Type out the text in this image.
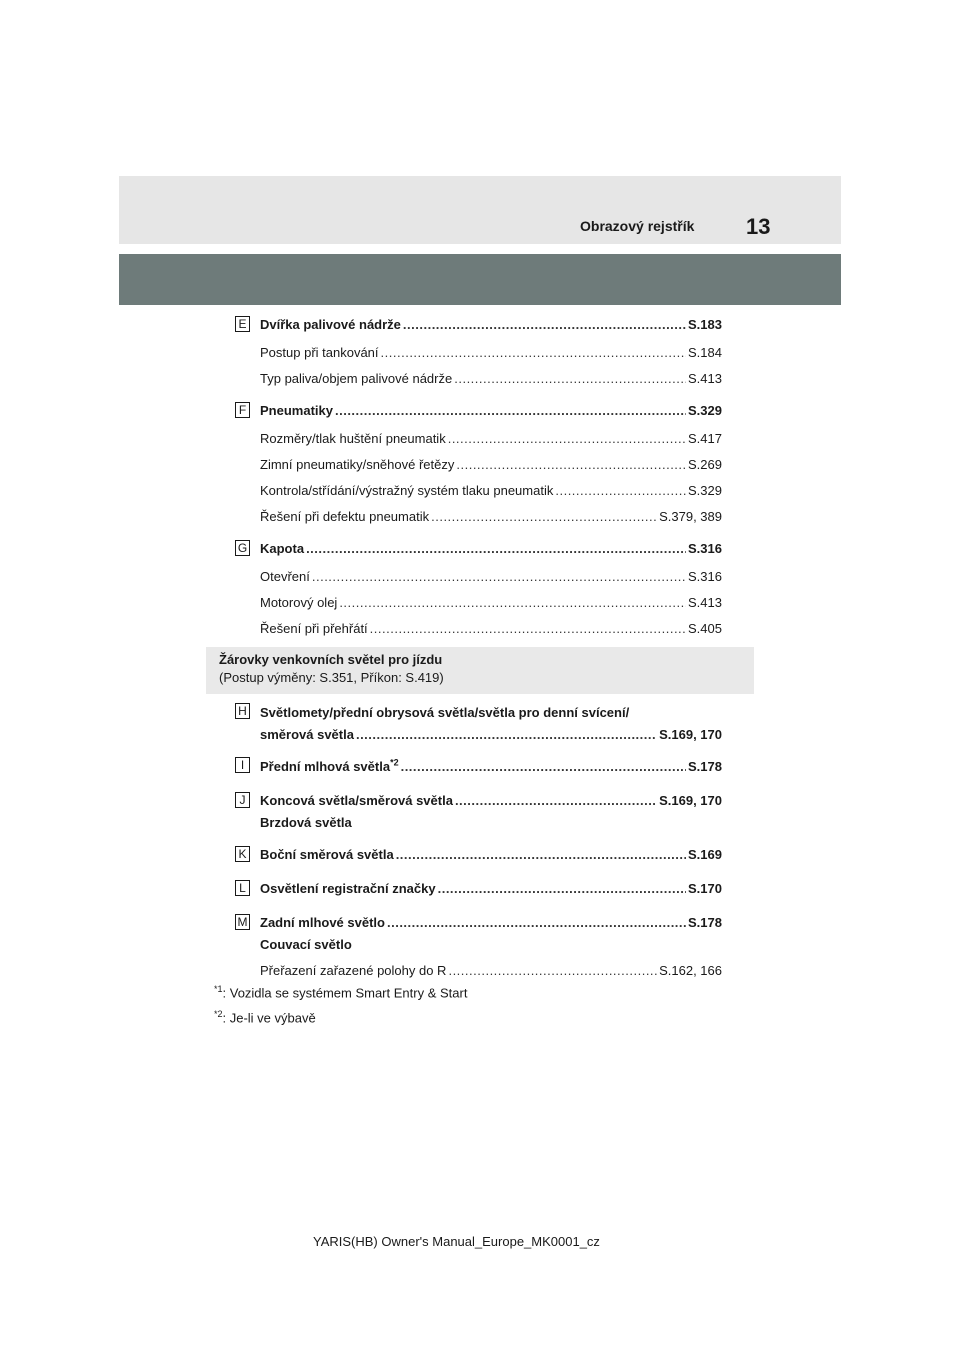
Obrazový rejstřík 13
Žárovky venkovních světel pro jízdu
(Postup výměny: S.351, Příkon: S.419)
H Světlomety/přední obrysová světla/světla pro denní svícení/
směrová světla .....	S.169, 170
I	Přední mlhová světla$^{*2}$ .....	S.178
J	Koncová světla/směrová světla .....	S.169, 170
Brzdová světla
K Boční směrová světla .....	S.169
L	Osvětlení registrační značky .....	S.170
M Zadní mlhové světlo .....	S.178
Couvací světlo
Přeřazení zařazené polohy do R .....	S.162, 166
$^{*1}$: Vozidla se systémem Smart Entry & Start
$^{*2}$: Je-li ve výbavě
E Dvířka palivové nádrže .....	S.183
Postup při tankování .....	S.184
Typ paliva/objem palivové nádrže .....	S.413
F Pneumatiky .....	S.329
Rozměry/tlak huštění pneumatik .....	S.417
Zimní pneumatiky/sněhové řetězy .....	S.269
Kontrola/střídání/výstražný systém tlaku pneumatik .....	S.329
Řešení při defektu pneumatik .....	S.379, 389
G Kapota .....	S.316
Otevření .....	S.316
Motorový olej .....	S.413
Řešení při přehřátí .....	S.405
YARIS(HB) Owner's Manual_Europe_MK0001_cz
